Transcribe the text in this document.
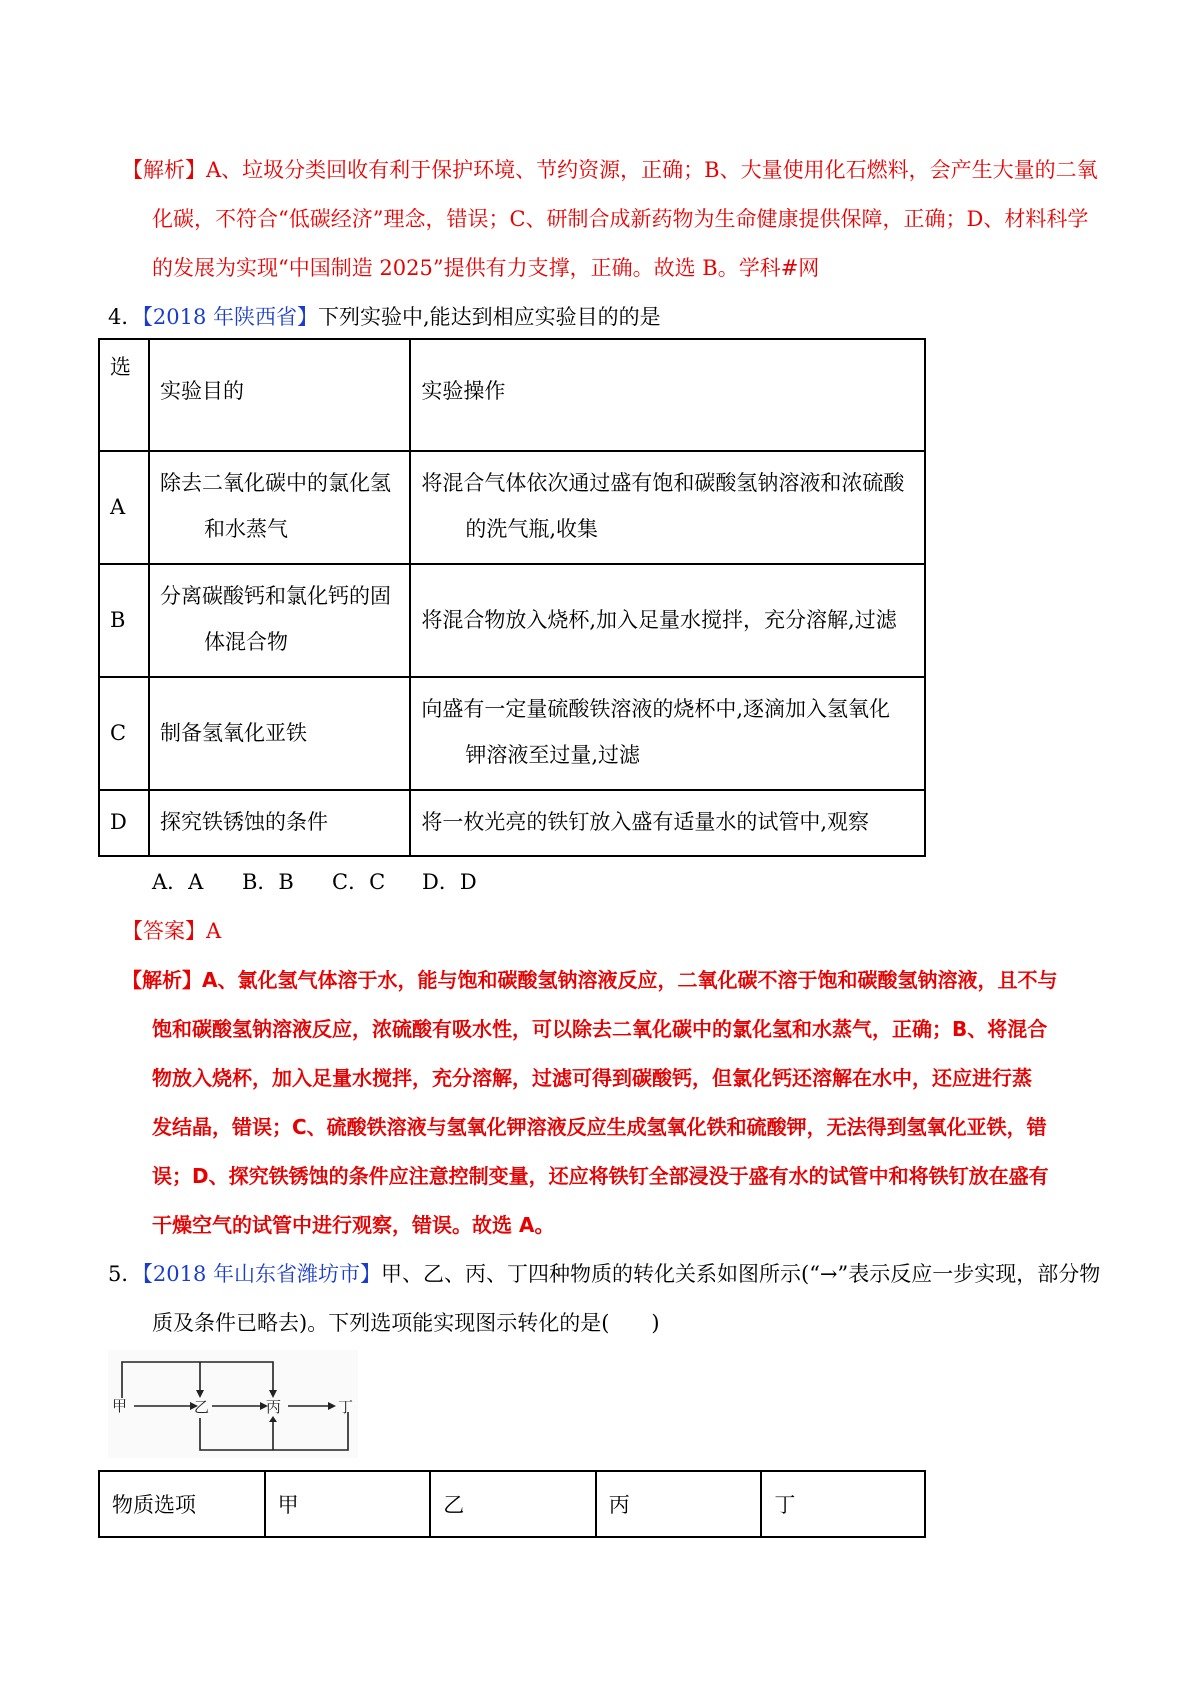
【解析】A、垃圾分类回收有利于保护环境、节约资源，正确；B、大量使用化石燃料，会产生大量的二氧
化碳，不符合“低碳经济”理念，错误；C、研制合成新药物为生命健康提供保障，正确；D、材料科学
的发展为实现“中国制造 2025”提供有力支撑，正确。故选 B。学科#网
4．【2018 年陕西省】下列实验中,能达到相应实验目的的是
选	实验目的	实验操作

A	除去二氧化碳中的氯化氢
和水蒸气	将混合气体依次通过盛有饱和碳酸氢钠溶液和浓硫酸
的洗气瓶,收集

B	分离碳酸钙和氯化钙的固
体混合物	将混合物放入烧杯,加入足量水搅拌，充分溶解,过滤

C	制备氢氧化亚铁	向盛有一定量硫酸铁溶液的烧杯中,逐滴加入氢氧化
钾溶液至过量,过滤

D	探究铁锈蚀的条件	将一枚光亮的铁钉放入盛有适量水的试管中,观察
A．A B．B C．C D．D
【答案】A
【解析】A、氯化氢气体溶于水，能与饱和碳酸氢钠溶液反应，二氧化碳不溶于饱和碳酸氢钠溶液，且不与
饱和碳酸氢钠溶液反应，浓硫酸有吸水性，可以除去二氧化碳中的氯化氢和水蒸气，正确；B、将混合
物放入烧杯，加入足量水搅拌，充分溶解，过滤可得到碳酸钙，但氯化钙还溶解在水中，还应进行蒸
发结晶，错误；C、硫酸铁溶液与氢氧化钾溶液反应生成氢氧化铁和硫酸钾，无法得到氢氧化亚铁，错
误；D、探究铁锈蚀的条件应注意控制变量，还应将铁钉全部浸没于盛有水的试管中和将铁钉放在盛有
干燥空气的试管中进行观察，错误。故选 A。
5．【2018 年山东省潍坊市】甲、乙、丙、丁四种物质的转化关系如图所示(“→”表示反应一步实现，部分物
质及条件已略去)。下列选项能实现图示转化的是(　　)
甲	乙	丙	丁
物质选项	甲	乙	丙	丁
